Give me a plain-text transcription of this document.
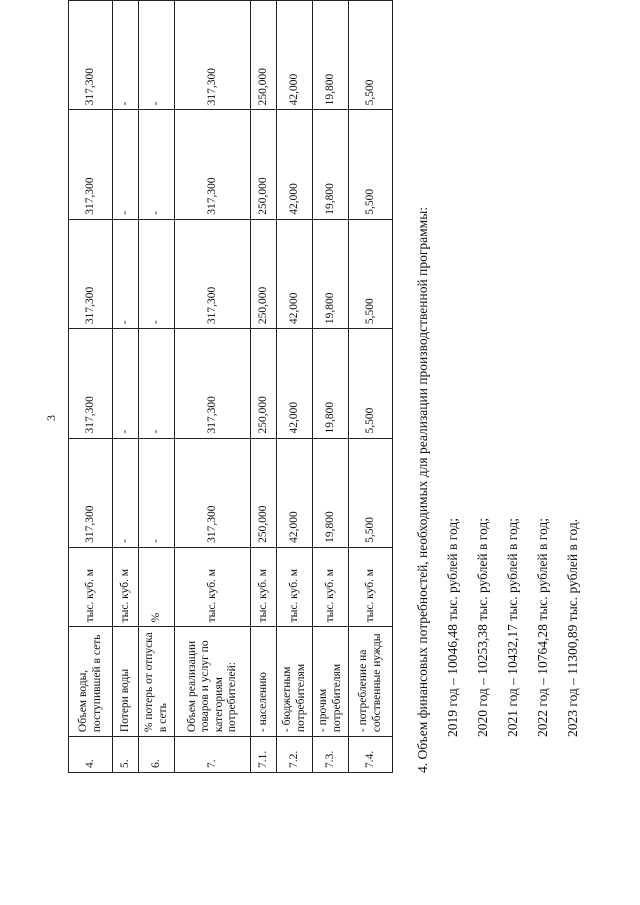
3
4.	Объем воды, поступившей в сеть	тыс. куб. м	317,300	317,300	317,300	317,300	317,300
5.	Потери воды	тыс. куб. м	-	-	-	-	-
6.	% потерь от отпуска в сеть	%	-	-	-	-	-
7.	Объем реализации товаров и услуг по категориям потребителей:	тыс. куб. м	317,300	317,300	317,300	317,300	317,300
7.1.	- населению	тыс. куб. м	250,000	250,000	250,000	250,000	250,000
7.2.	- бюджетным потребителям	тыс. куб. м	42,000	42,000	42,000	42,000	42,000
7.3.	- прочим потребителям	тыс. куб. м	19,800	19,800	19,800	19,800	19,800
7.4.	- потребление на собственные нужды	тыс. куб. м	5,500	5,500	5,500	5,500	5,500
4. Объем финансовых потребностей, необходимых для реализации производственной программы:	2019 год – 10046,48 тыс. рублей в год;	2020 год – 10253,38 тыс. рублей в год;	2021 год – 10432,17 тыс. рублей в год;	2022 год – 10764,28 тыс. рублей в год;	2023 год – 11300,89 тыс. рублей в год.
